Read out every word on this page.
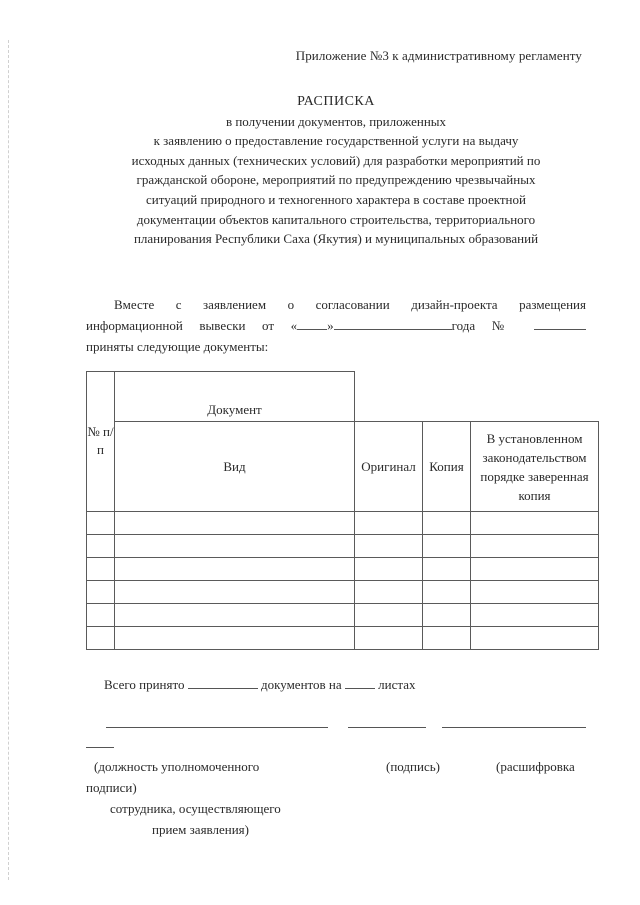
Приложение №3 к административному регламенту
РАСПИСКА
в получении документов, приложенных
к заявлению о предоставление государственной услуги на выдачу
исходных данных (технических условий) для разработки мероприятий по
гражданской обороне, мероприятий по предупреждению чрезвычайных
ситуаций природного и техногенного характера в составе проектной
документации объектов капитального строительства, территориального
планирования Республики Саха (Якутия) и муниципальных образований
Вместе с заявлением о согласовании дизайн-проекта размещения
информационной вывески от « »	года №
приняты следующие документы:
№ п/п	Документ			
	Вид	Оригинал	Копия	В установленном законодательством порядке заверенная копия

Всего принято	документов на	листах
(должность уполномоченного	(подпись)	(расшифровка
подписи)
сотрудника, осуществляющего
прием заявления)
